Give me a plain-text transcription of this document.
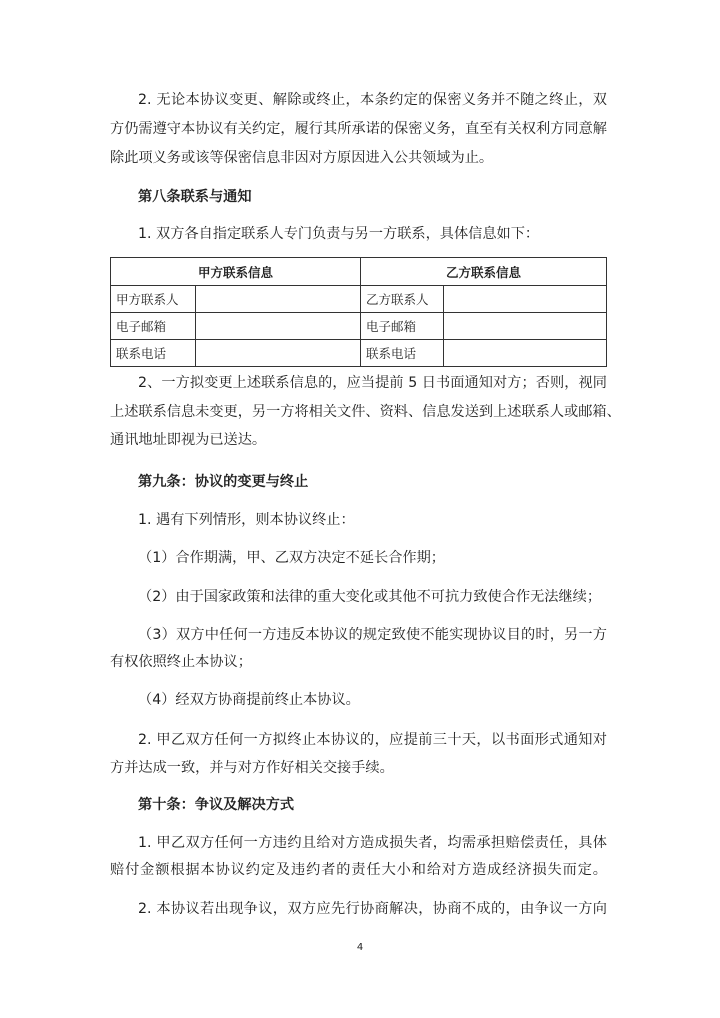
2. 无论本协议变更、解除或终止，本条约定的保密义务并不随之终止，双
方仍需遵守本协议有关约定，履行其所承诺的保密义务，直至有关权利方同意解
除此项义务或该等保密信息非因对方原因进入公共领域为止。
第八条联系与通知
1. 双方各自指定联系人专门负责与另一方联系，具体信息如下：
甲方联系信息		乙方联系信息	
甲方联系人		乙方联系人	
电子邮箱		电子邮箱	
联系电话		联系电话	
2、一方拟变更上述联系信息的，应当提前 5 日书面通知对方；否则，视同
上述联系信息未变更，另一方将相关文件、资料、信息发送到上述联系人或邮箱、
通讯地址即视为已送达。
第九条：协议的变更与终止
1. 遇有下列情形，则本协议终止：
（1）合作期满，甲、乙双方决定不延长合作期；
（2）由于国家政策和法律的重大变化或其他不可抗力致使合作无法继续；
（3）双方中任何一方违反本协议的规定致使不能实现协议目的时，另一方
有权依照终止本协议；
（4）经双方协商提前终止本协议。
2. 甲乙双方任何一方拟终止本协议的，应提前三十天，以书面形式通知对
方并达成一致，并与对方作好相关交接手续。
第十条：争议及解决方式
1. 甲乙双方任何一方违约且给对方造成损失者，均需承担赔偿责任，具体
赔付金额根据本协议约定及违约者的责任大小和给对方造成经济损失而定。
2. 本协议若出现争议，双方应先行协商解决，协商不成的，由争议一方向
4
